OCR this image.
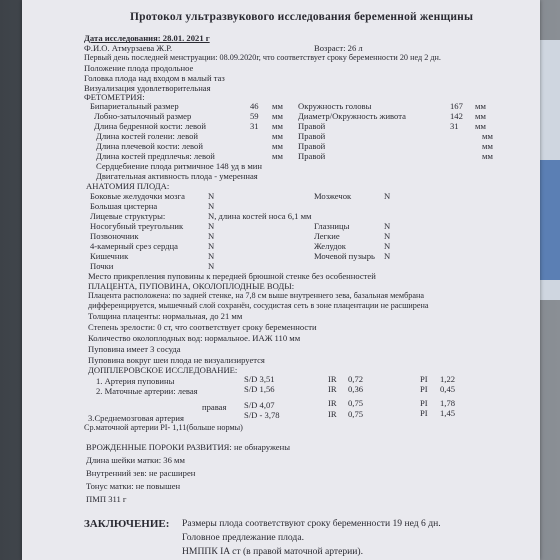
Протокол ультразвукового исследования беременной женщины
Дата исследования: 28.01. 2021 г
Ф.И.О. Атмурзаева Ж.Р.	Возраст: 26 л
Первый день последней менструации: 08.09.2020г, что соответствует сроку беременности 20 нед 2 дн.
Положение плода продольное
Головка плода над входом в малый таз
Визуализация удовлетворительная
ФЕТОМЕТРИЯ:
Бипариетальный размер	46 мм Окружность головы	167 мм
Лобно-затылочный размер	59 мм Диаметр/Окружность живота	142 мм
Длина бедренной кости: левой	31 мм Правой	31 мм
Длина костей голени: левой	мм Правой	мм
Длина плечевой кости: левой	мм Правой	мм
Длина костей предплечья: левой	мм Правой	мм
Сердцебиение плода ритмичное 148 уд в мин
Двигательная активность плода - умеренная
АНАТОМИЯ ПЛОДА:
Боковые желудочки мозга	N	Мозжечок	N
Большая цистерна	N
Лицевые структуры:	N, длина костей носа 6,1 мм
Носогубный треугольник	N	Глазницы	N
Позвоночник	N	Легкие	N
4-камерный срез сердца	N	Желудок	N
Кишечник	N	Мочевой пузырь N
Почки	N
Место прикрепления пуповины к передней брюшной стенке без особенностей
ПЛАЦЕНТА, ПУПОВИНА, ОКОЛОПЛОДНЫЕ ВОДЫ:
Плацента расположена: по задней стенке, на 7,8 см выше внутреннего зева, базальная мембрана
дифференцируется, мышечный слой сохранён, сосудистая сеть в зоне плацентации не расширена
Толщина плаценты: нормальная, до 21 мм
Степень зрелости: 0 ст, что соответствует сроку беременности
Количество околоплодных вод: нормальное. ИАЖ 110 мм
Пуповина имеет 3 сосуда
Пуповина вокруг шеи плода не визуализируется
ДОППЛЕРОВСКОЕ ИССЛЕДОВАНИЕ:
1. Артерия пуповины	S/D 3,51	IR 0,72	PI 1,22
2. Маточные артерии: левая	S/D 1,56	IR 0,36	PI 0,45
правая S/D 4,07	IR 0,75	PI 1,78
3.Среднемозговая артерия	S/D - 3,78	IR 0,75	PI 1,45
Ср.маточной артерии PI- 1,11(больше нормы)
ВРОЖДЕННЫЕ ПОРОКИ РАЗВИТИЯ: не обнаружены
Длина шейки матки: 36 мм
Внутренний зев: не расширен
Тонус матки: не повышен
ПМП 311 г
ЗАКЛЮЧЕНИЕ: Размеры плода соответствуют сроку беременности 19 нед 6 дн.
Головное предлежание плода.
НМППК IA ст (в правой маточной артерии).
